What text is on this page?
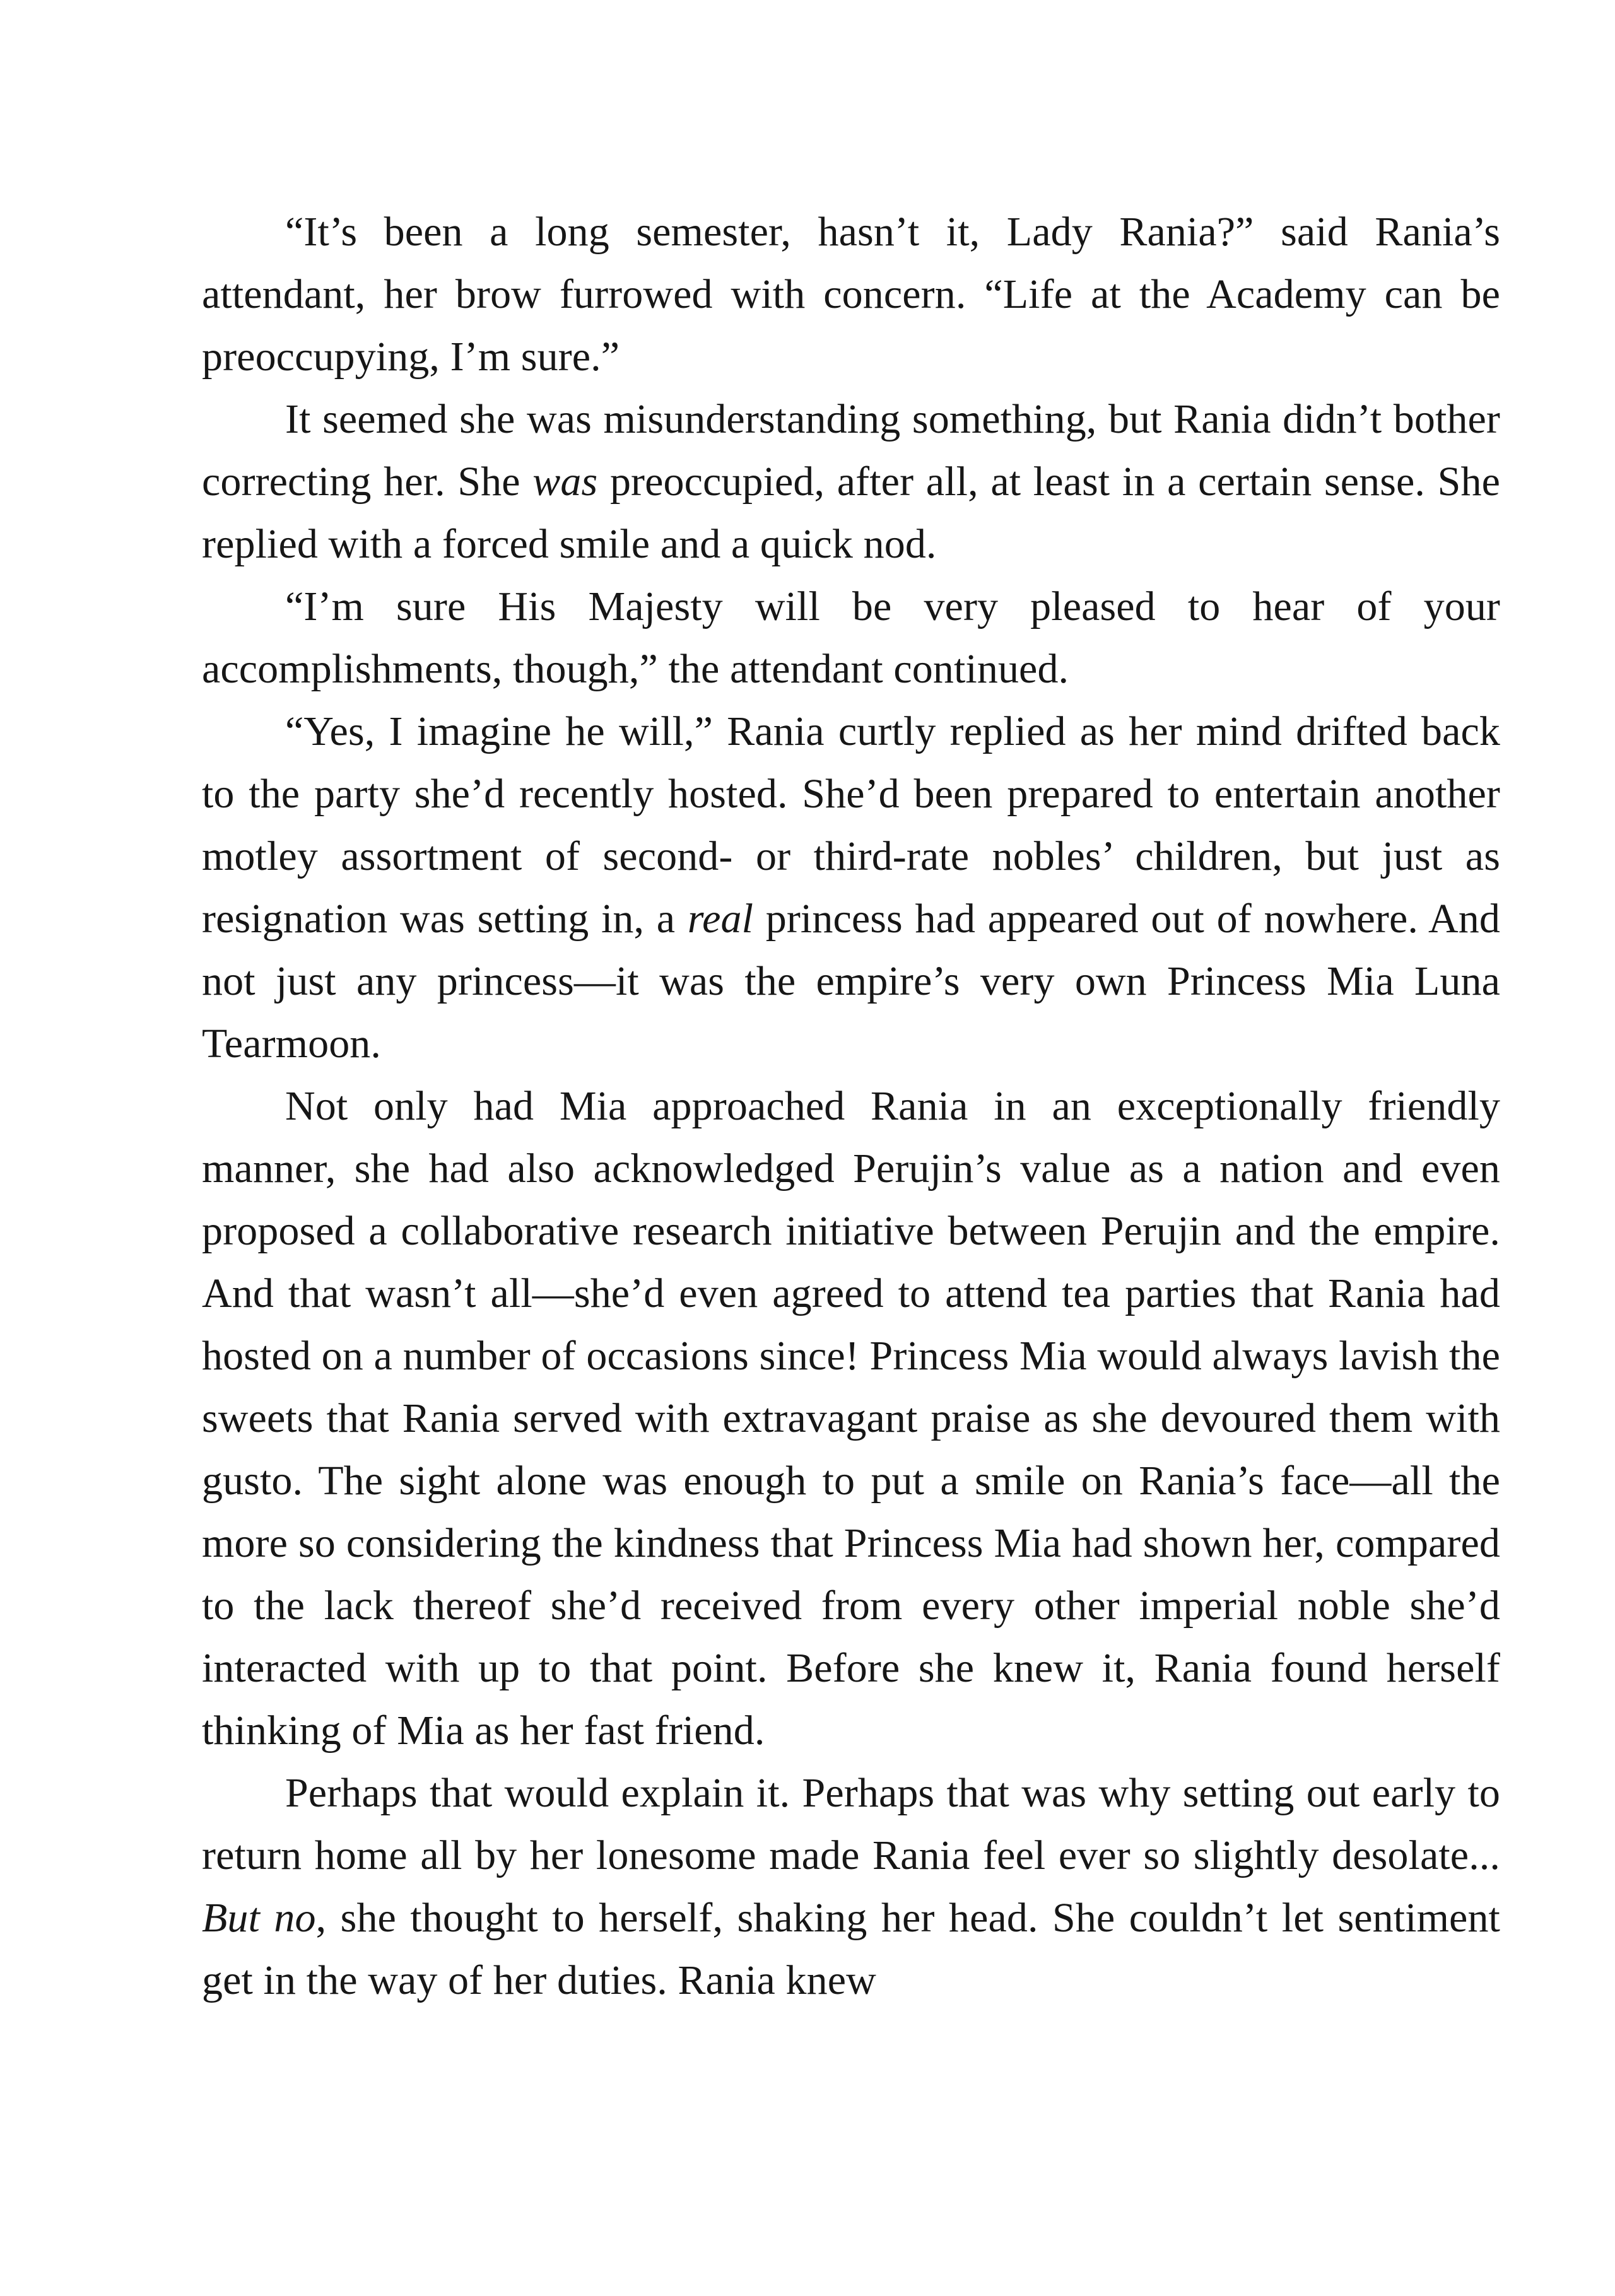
“It’s been a long semester, hasn’t it, Lady Rania?” said Rania’s attendant, her brow furrowed with concern. “Life at the Academy can be preoccupying, I’m sure.”

It seemed she was misunderstanding something, but Rania didn’t bother correcting her. She was preoccupied, after all, at least in a certain sense. She replied with a forced smile and a quick nod.

“I’m sure His Majesty will be very pleased to hear of your accomplishments, though,” the attendant continued.

“Yes, I imagine he will,” Rania curtly replied as her mind drifted back to the party she’d recently hosted. She’d been prepared to entertain another motley assortment of second- or third-rate nobles’ children, but just as resignation was setting in, a real princess had appeared out of nowhere. And not just any princess—it was the empire’s very own Princess Mia Luna Tearmoon.

Not only had Mia approached Rania in an exceptionally friendly manner, she had also acknowledged Perujin’s value as a nation and even proposed a collaborative research initiative between Perujin and the empire. And that wasn’t all—she’d even agreed to attend tea parties that Rania had hosted on a number of occasions since! Princess Mia would always lavish the sweets that Rania served with extravagant praise as she devoured them with gusto. The sight alone was enough to put a smile on Rania’s face—all the more so considering the kindness that Princess Mia had shown her, compared to the lack thereof she’d received from every other imperial noble she’d interacted with up to that point. Before she knew it, Rania found herself thinking of Mia as her fast friend.

Perhaps that would explain it. Perhaps that was why setting out early to return home all by her lonesome made Rania feel ever so slightly desolate... But no, she thought to herself, shaking her head. She couldn’t let sentiment get in the way of her duties. Rania knew
